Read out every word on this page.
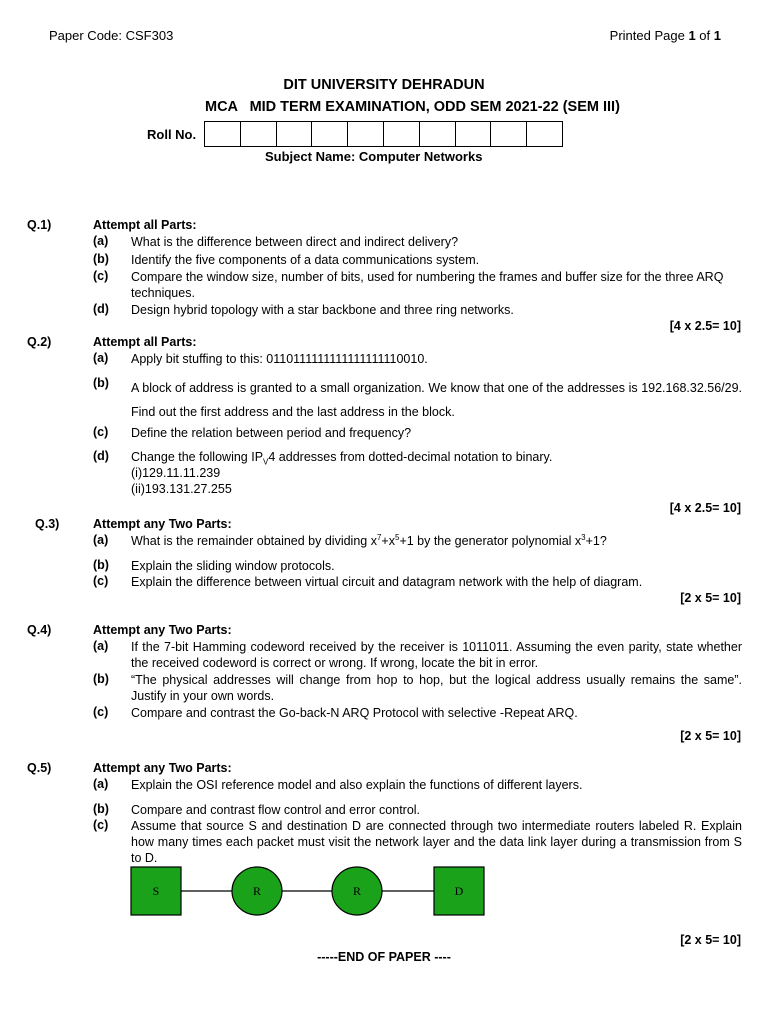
Paper Code: CSF303	Printed Page 1 of 1
DIT UNIVERSITY DEHRADUN
MCA   MID TERM EXAMINATION, ODD SEM 2021-22 (SEM III)
Roll No.
Subject Name: Computer Networks
Q.1)	Attempt all Parts:
(a) What is the difference between direct and indirect delivery?
(b) Identify the five components of a data communications system.
(c) Compare the window size, number of bits, used for numbering the frames and buffer size for the three ARQ techniques.
(d) Design hybrid topology with a star backbone and three ring networks.
[4 x 2.5= 10]
Q.2)	Attempt all Parts:
(a) Apply bit stuffing to this: 0110111111111111111110010.
(b) A block of address is granted to a small organization. We know that one of the addresses is 192.168.32.56/29. Find out the first address and the last address in the block.
(c) Define the relation between period and frequency?
(d) Change the following $IP_V4$ addresses from dotted-decimal notation to binary.
(i)129.11.11.239
(ii)193.131.27.255
[4 x 2.5= 10]
Q.3)	Attempt any Two Parts:
(a) What is the remainder obtained by dividing $x^7+x^5+1$ by the generator polynomial $x^3+1$?
(b) Explain the sliding window protocols.
(c) Explain the difference between virtual circuit and datagram network with the help of diagram.
[2 x 5= 10]
Q.4)	Attempt any Two Parts:
(a) If the 7-bit Hamming codeword received by the receiver is 1011011. Assuming the even parity, state whether the received codeword is correct or wrong. If wrong, locate the bit in error.
(b) “The physical addresses will change from hop to hop, but the logical address usually remains the same”. Justify in your own words.
(c) Compare and contrast the Go-back-N ARQ Protocol with selective -Repeat ARQ.
[2 x 5= 10]
Q.5)	Attempt any Two Parts:
(a) Explain the OSI reference model and also explain the functions of different layers.
(b) Compare and contrast flow control and error control.
(c) Assume that source S and destination D are connected through two intermediate routers labeled R. Explain how many times each packet must visit the network layer and the data link layer during a transmission from S to D.
S	R	R	D
[2 x 5= 10]
-----END OF PAPER ----
